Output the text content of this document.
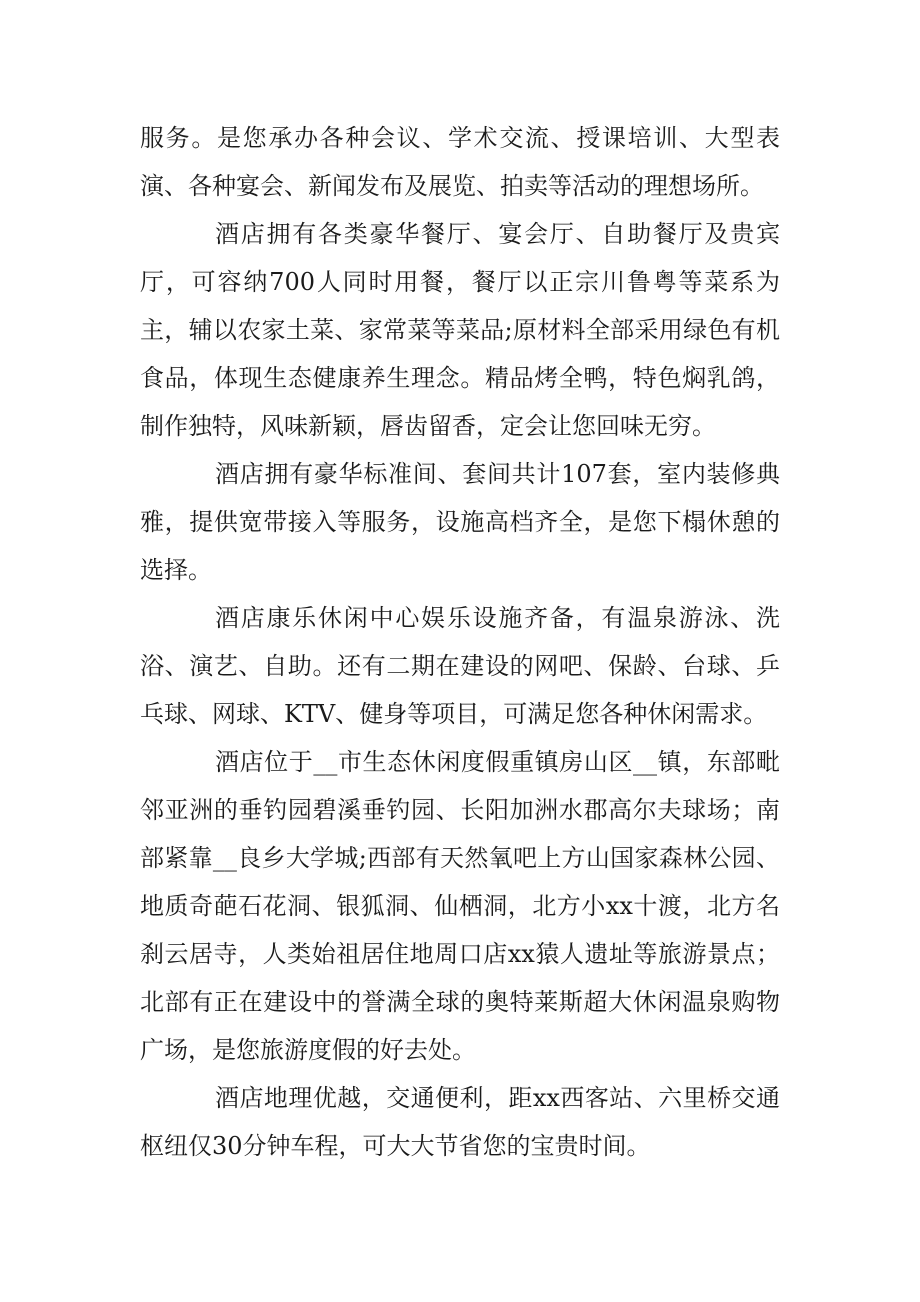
服务。是您承办各种会议、学术交流、授课培训、大型表演、各种宴会、新闻发布及展览、拍卖等活动的理想场所。

酒店拥有各类豪华餐厅、宴会厅、自助餐厅及贵宾厅，可容纳700人同时用餐，餐厅以正宗川鲁粤等菜系为主，辅以农家土菜、家常菜等菜品;原材料全部采用绿色有机食品，体现生态健康养生理念。精品烤全鸭，特色焖乳鸽，制作独特，风味新颖，唇齿留香，定会让您回味无穷。

酒店拥有豪华标准间、套间共计107套，室内装修典雅，提供宽带接入等服务，设施高档齐全，是您下榻休憩的选择。

酒店康乐休闲中心娱乐设施齐备，有温泉游泳、洗浴、演艺、自助。还有二期在建设的网吧、保龄、台球、乒乓球、网球、KTV、健身等项目，可满足您各种休闲需求。

酒店位于__市生态休闲度假重镇房山区__镇，东部毗邻亚洲的垂钓园碧溪垂钓园、长阳加洲水郡高尔夫球场；南部紧靠__良乡大学城;西部有天然氧吧上方山国家森林公园、地质奇葩石花洞、银狐洞、仙栖洞，北方小xx十渡，北方名刹云居寺，人类始祖居住地周口店xx猿人遗址等旅游景点；北部有正在建设中的誉满全球的奥特莱斯超大休闲温泉购物广场，是您旅游度假的好去处。

酒店地理优越，交通便利，距xx西客站、六里桥交通枢纽仅30分钟车程，可大大节省您的宝贵时间。
